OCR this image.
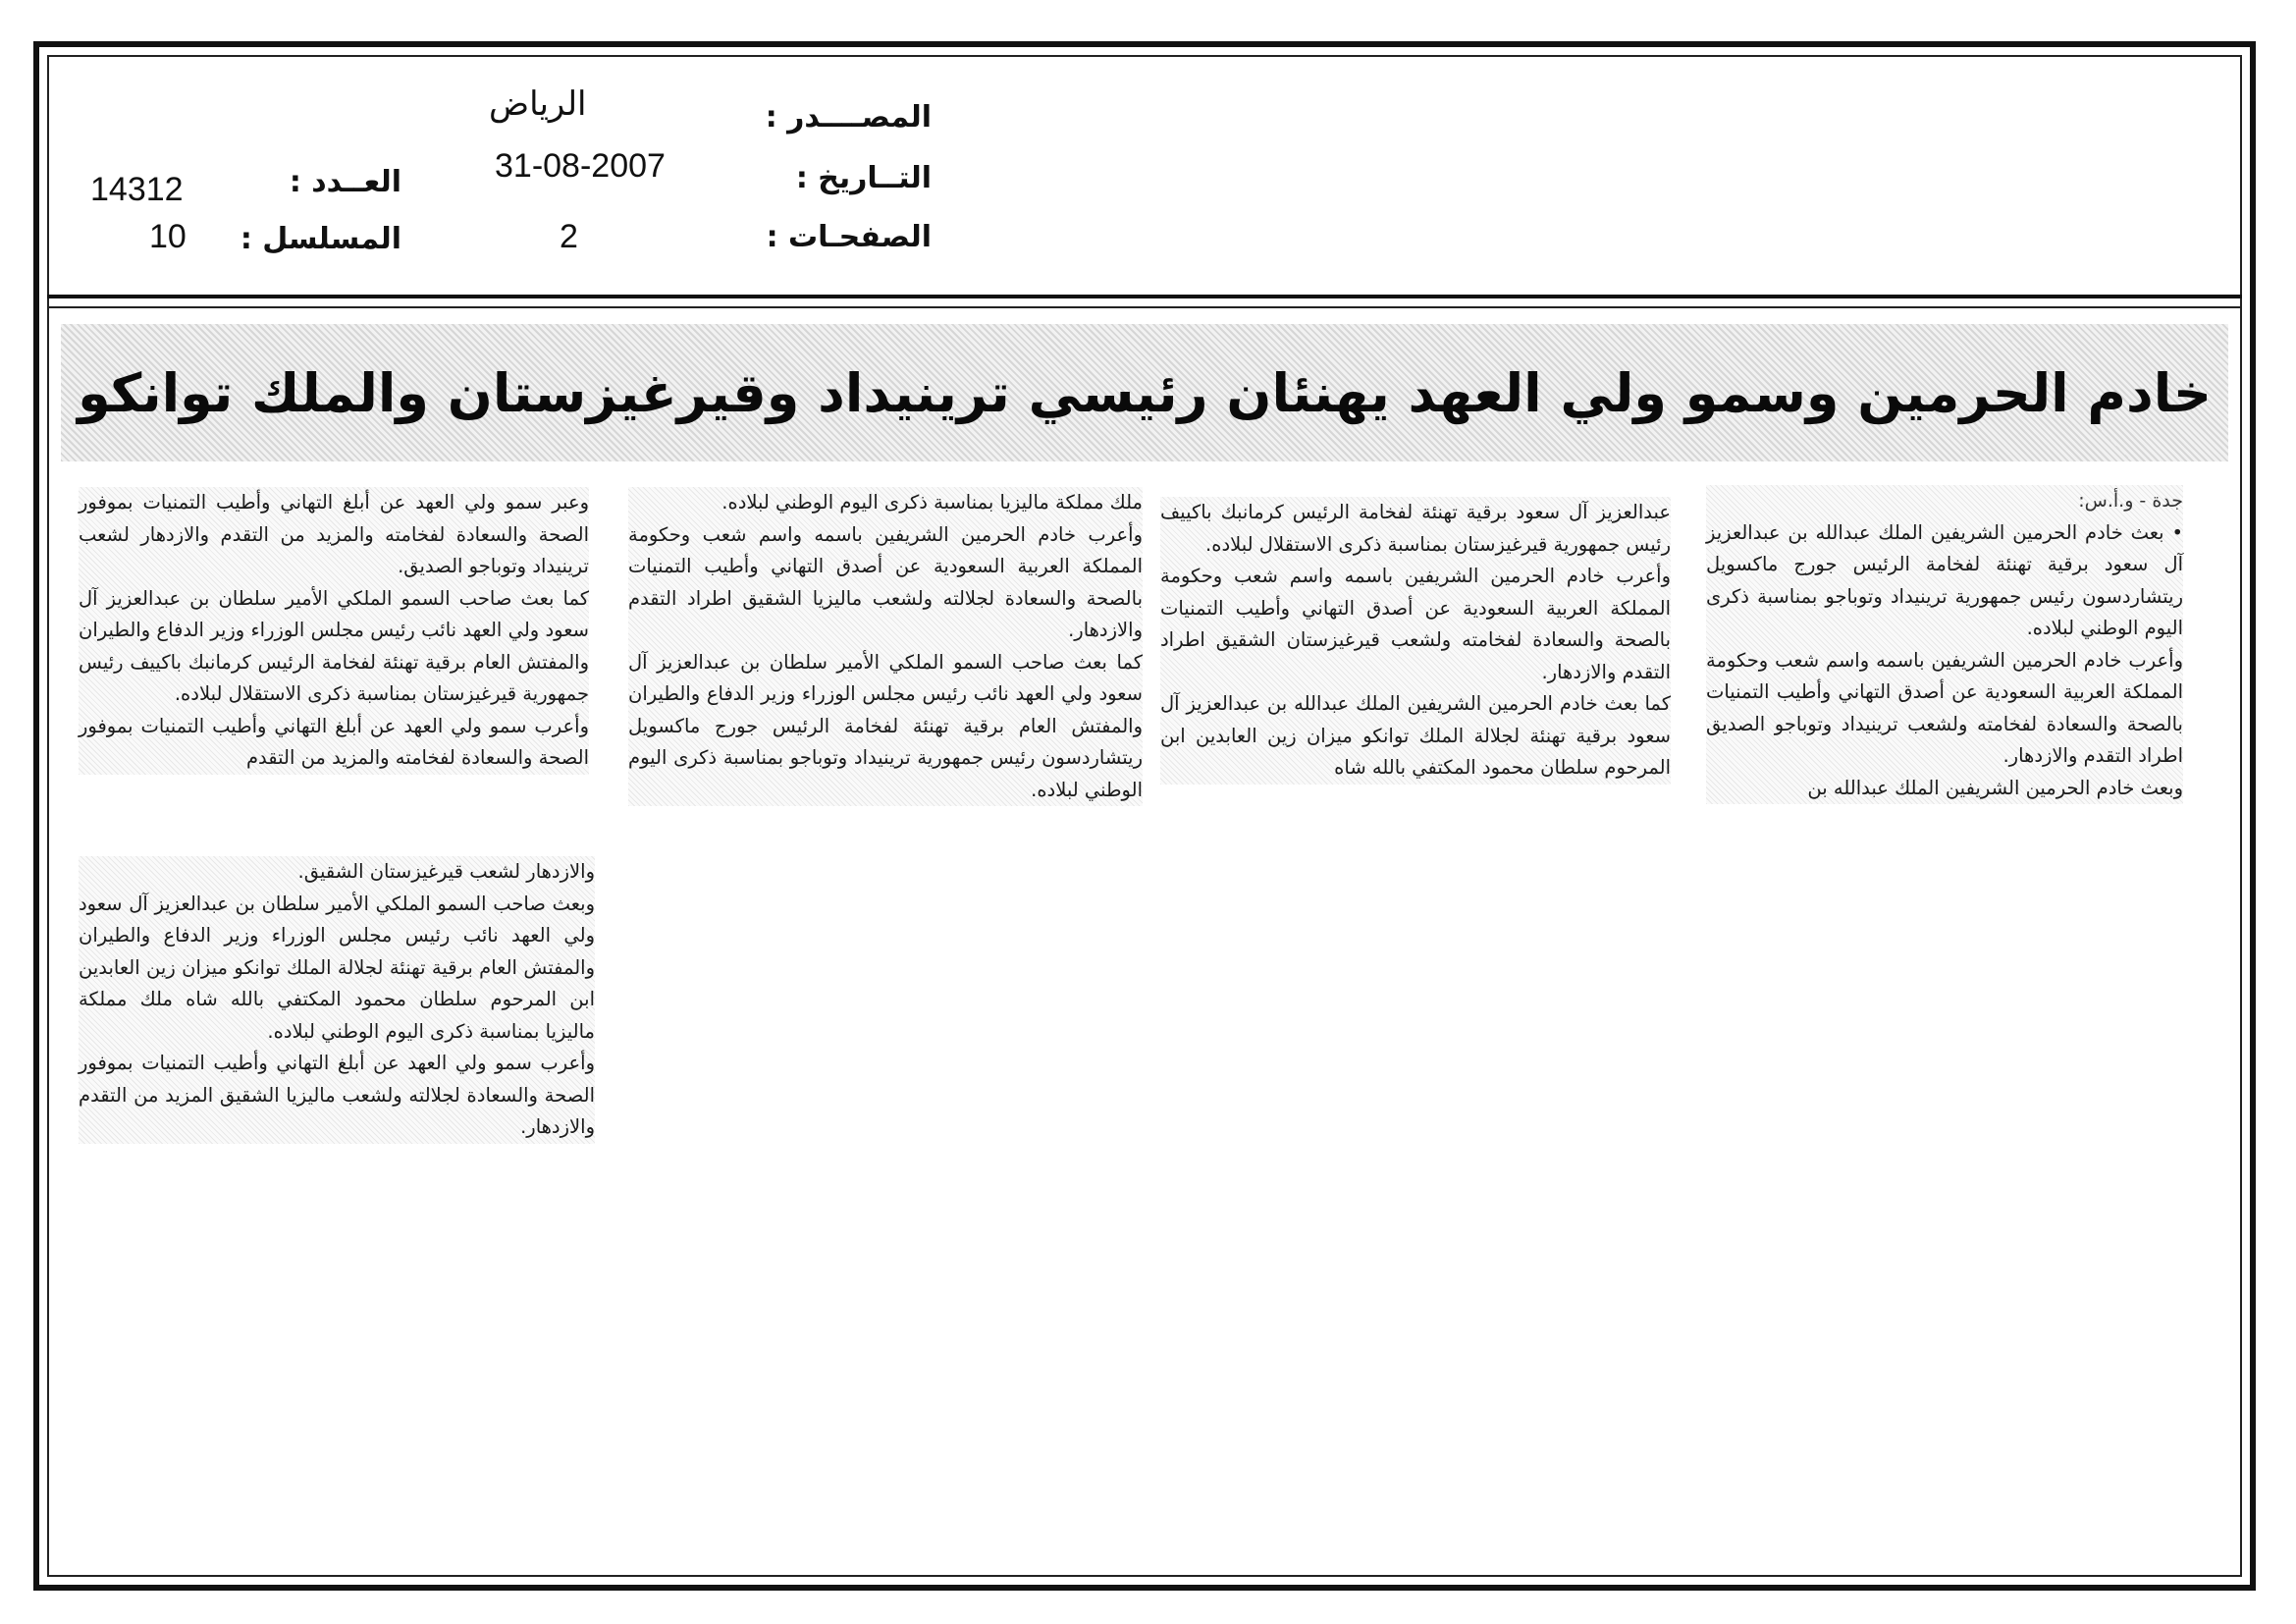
المصــــدر :
الرياض
التــاريخ :
31-08-2007
الصفحـات :
2
العــدد :
14312
المسلسل :
10
خادم الحرمين وسمو ولي العهد يهنئان رئيسي ترينيداد وقيرغيزستان والملك توانكو

جدة - و.أ.س:

• بعث خادم الحرمين الشريفين الملك عبدالله بن عبدالعزيز آل سعود برقية تهنئة لفخامة الرئيس جورج ماكسويل ريتشاردسون رئيس جمهورية ترينيداد وتوباجو بمناسبة ذكرى اليوم الوطني لبلاده.

وأعرب خادم الحرمين الشريفين باسمه واسم شعب وحكومة المملكة العربية السعودية عن أصدق التهاني وأطيب التمنيات بالصحة والسعادة لفخامته ولشعب ترينيداد وتوباجو الصديق اطراد التقدم والازدهار.

وبعث خادم الحرمين الشريفين الملك عبدالله بن

عبدالعزيز آل سعود برقية تهنئة لفخامة الرئيس كرمانبك باكييف رئيس جمهورية قيرغيزستان بمناسبة ذكرى الاستقلال لبلاده.

وأعرب خادم الحرمين الشريفين باسمه واسم شعب وحكومة المملكة العربية السعودية عن أصدق التهاني وأطيب التمنيات بالصحة والسعادة لفخامته ولشعب قيرغيزستان الشقيق اطراد التقدم والازدهار.

كما بعث خادم الحرمين الشريفين الملك عبدالله بن عبدالعزيز آل سعود برقية تهنئة لجلالة الملك توانكو ميزان زين العابدين ابن المرحوم سلطان محمود المكتفي بالله شاه

ملك مملكة ماليزيا بمناسبة ذكرى اليوم الوطني لبلاده.

وأعرب خادم الحرمين الشريفين باسمه واسم شعب وحكومة المملكة العربية السعودية عن أصدق التهاني وأطيب التمنيات بالصحة والسعادة لجلالته ولشعب ماليزيا الشقيق اطراد التقدم والازدهار.

كما بعث صاحب السمو الملكي الأمير سلطان بن عبدالعزيز آل سعود ولي العهد نائب رئيس مجلس الوزراء وزير الدفاع والطيران والمفتش العام برقية تهنئة لفخامة الرئيس جورج ماكسويل ريتشاردسون رئيس جمهورية ترينيداد وتوباجو بمناسبة ذكرى اليوم الوطني لبلاده.

وعبر سمو ولي العهد عن أبلغ التهاني وأطيب التمنيات بموفور الصحة والسعادة لفخامته والمزيد من التقدم والازدهار لشعب ترينيداد وتوباجو الصديق.

كما بعث صاحب السمو الملكي الأمير سلطان بن عبدالعزيز آل سعود ولي العهد نائب رئيس مجلس الوزراء وزير الدفاع والطيران والمفتش العام برقية تهنئة لفخامة الرئيس كرمانبك باكييف رئيس جمهورية قيرغيزستان بمناسبة ذكرى الاستقلال لبلاده.

وأعرب سمو ولي العهد عن أبلغ التهاني وأطيب التمنيات بموفور الصحة والسعادة لفخامته والمزيد من التقدم

والازدهار لشعب قيرغيزستان الشقيق.

وبعث صاحب السمو الملكي الأمير سلطان بن عبدالعزيز آل سعود ولي العهد نائب رئيس مجلس الوزراء وزير الدفاع والطيران والمفتش العام برقية تهنئة لجلالة الملك توانكو ميزان زين العابدين ابن المرحوم سلطان محمود المكتفي بالله شاه ملك مملكة ماليزيا بمناسبة ذكرى اليوم الوطني لبلاده.

وأعرب سمو ولي العهد عن أبلغ التهاني وأطيب التمنيات بموفور الصحة والسعادة لجلالته ولشعب ماليزيا الشقيق المزيد من التقدم والازدهار.
